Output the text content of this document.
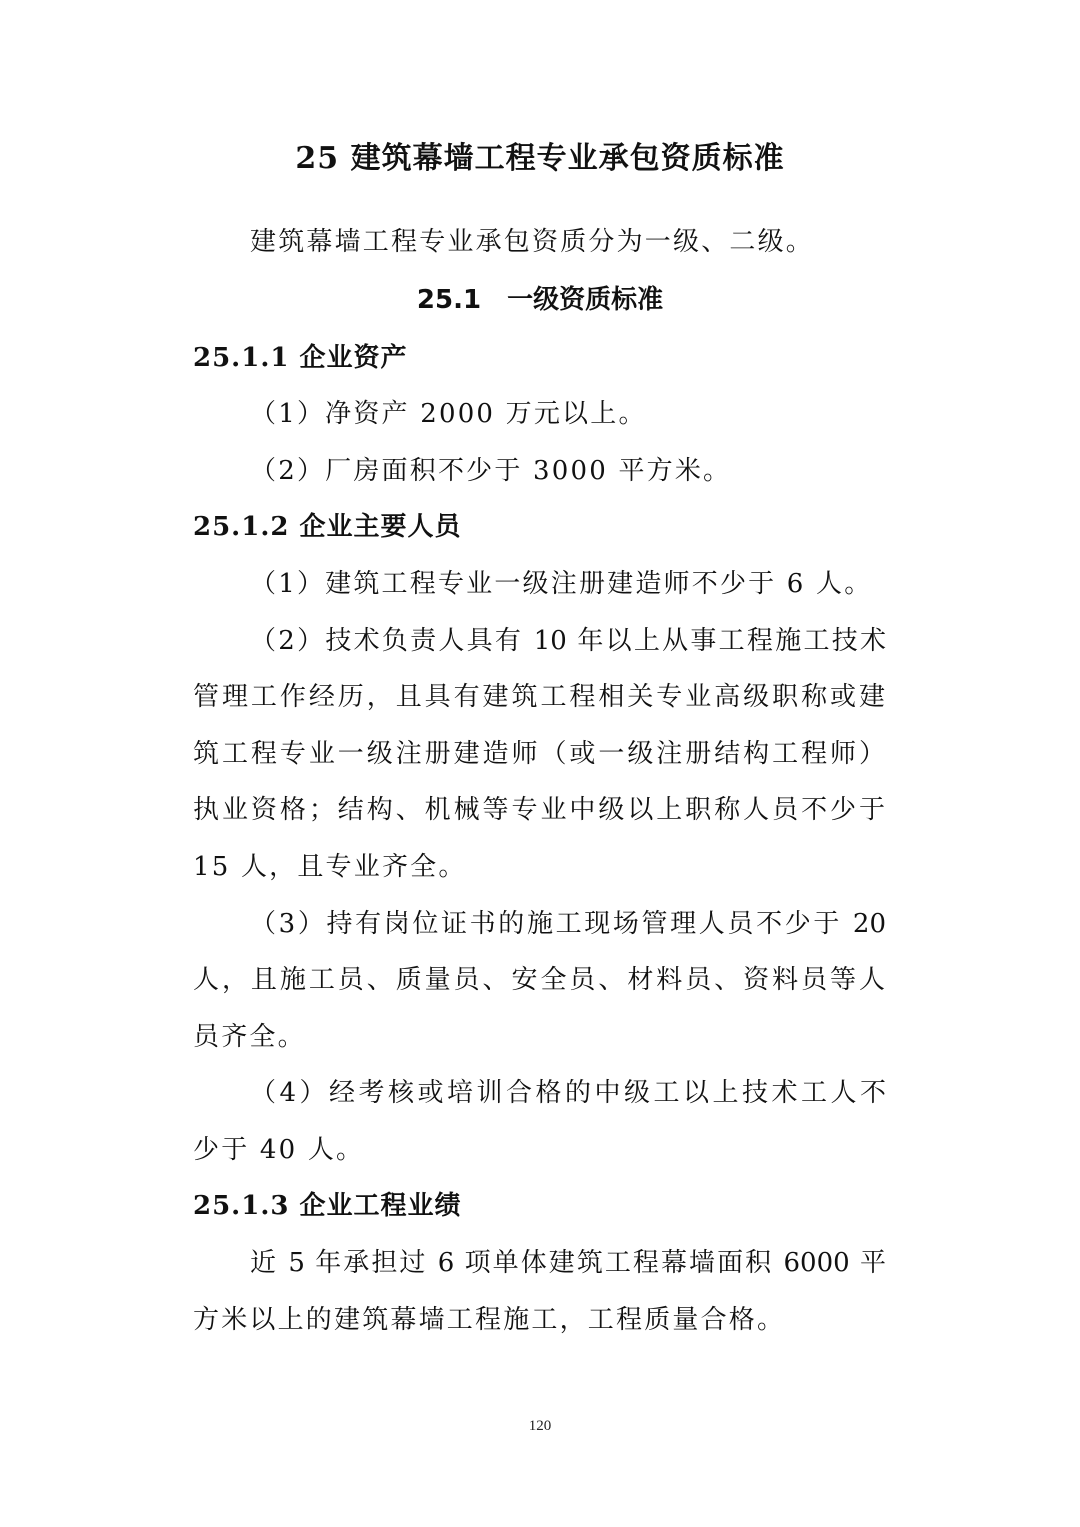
25 建筑幕墙工程专业承包资质标准
建筑幕墙工程专业承包资质分为一级、二级。
25.1　一级资质标准
25.1.1 企业资产
（1）净资产 2000 万元以上。
（2）厂房面积不少于 3000 平方米。
25.1.2 企业主要人员
（1）建筑工程专业一级注册建造师不少于 6 人。
（2）技术负责人具有 10 年以上从事工程施工技术
管理工作经历，且具有建筑工程相关专业高级职称或建
筑工程专业一级注册建造师（或一级注册结构工程师）
执业资格；结构、机械等专业中级以上职称人员不少于
15 人，且专业齐全。
（3）持有岗位证书的施工现场管理人员不少于 20
人，且施工员、质量员、安全员、材料员、资料员等人
员齐全。
（4）经考核或培训合格的中级工以上技术工人不
少于 40 人。
25.1.3 企业工程业绩
近 5 年承担过 6 项单体建筑工程幕墙面积 6000 平
方米以上的建筑幕墙工程施工，工程质量合格。
120
